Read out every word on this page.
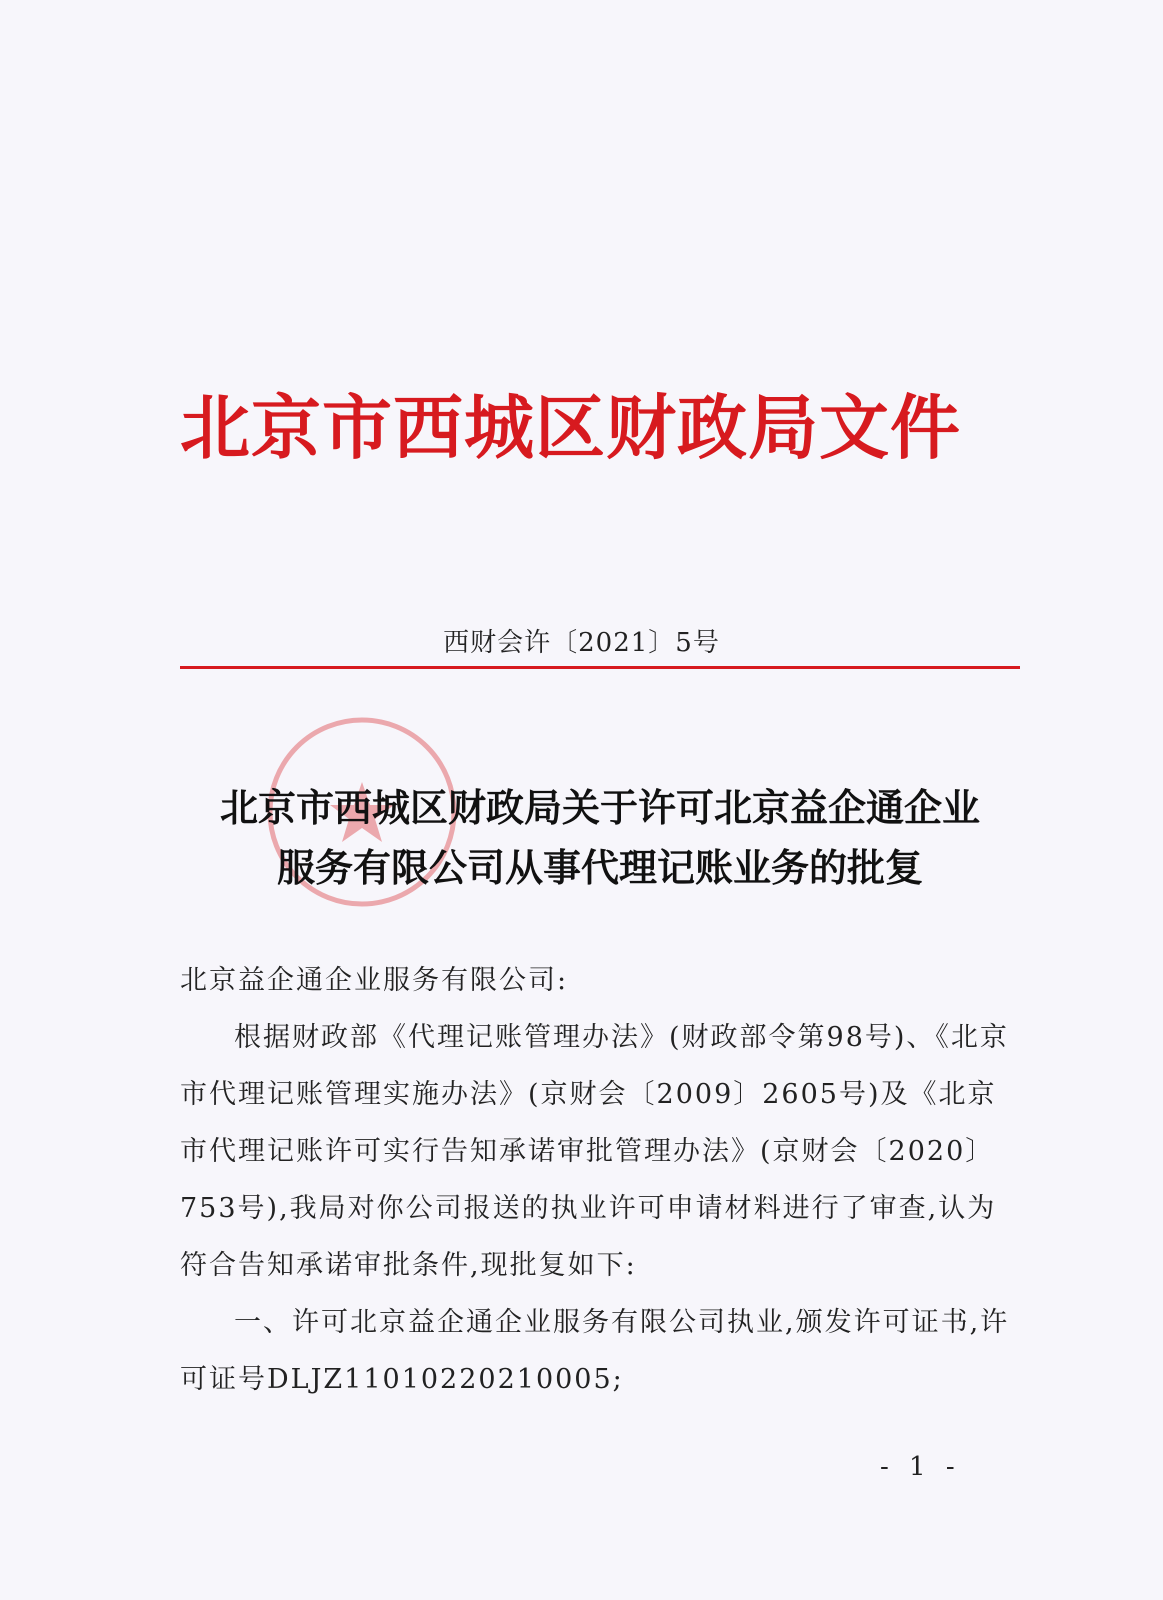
北京市西城区财政局文件
西财会许〔2021〕5号
北京市西城区财政局关于许可北京益企通企业
服务有限公司从事代理记账业务的批复

北京益企通企业服务有限公司:

根据财政部《代理记账管理办法》(财政部令第98号)、《北京市代理记账管理实施办法》(京财会〔2009〕2605号)及《北京市代理记账许可实行告知承诺审批管理办法》(京财会〔2020〕753号),我局对你公司报送的执业许可申请材料进行了审查,认为符合告知承诺审批条件,现批复如下:

一、许可北京益企通企业服务有限公司执业,颁发许可证书,许可证号DLJZ11010220210005;

- 1 -
